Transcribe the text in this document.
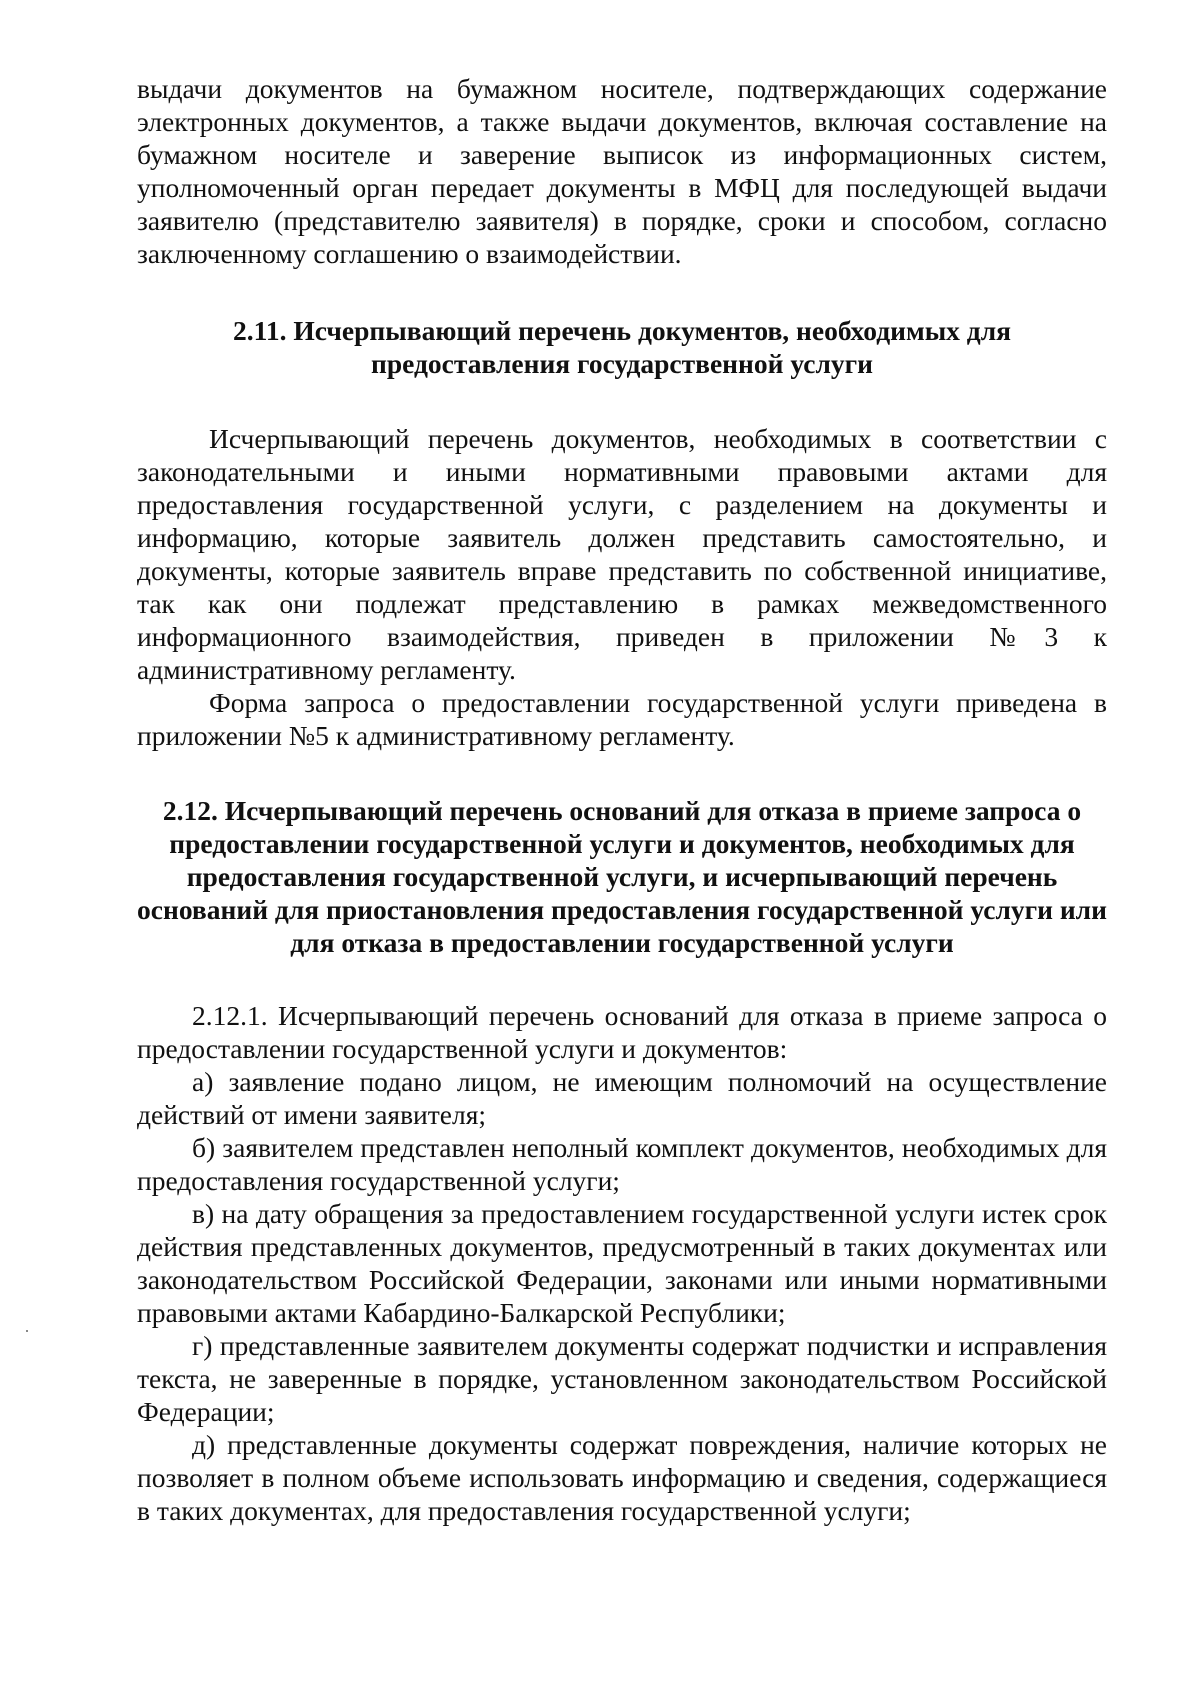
выдачи документов на бумажном носителе, подтверждающих содержание электронных документов, а также выдачи документов, включая составление на бумажном носителе и заверение выписок из информационных систем, уполномоченный орган передает документы в МФЦ для последующей выдачи заявителю (представителю заявителя) в порядке, сроки и способом, согласно заключенному соглашению о взаимодействии.

2.11. Исчерпывающий перечень документов, необходимых для предоставления государственной услуги

Исчерпывающий перечень документов, необходимых в соответствии с законодательными и иными нормативными правовыми актами для предоставления государственной услуги, с разделением на документы и информацию, которые заявитель должен представить самостоятельно, и документы, которые заявитель вправе представить по собственной инициативе, так как они подлежат представлению в рамках межведомственного информационного взаимодействия, приведен в приложении №3 к административному регламенту.

Форма запроса о предоставлении государственной услуги приведена в приложении №5 к административному регламенту.

2.12. Исчерпывающий перечень оснований для отказа в приеме запроса о предоставлении государственной услуги и документов, необходимых для предоставления государственной услуги, и исчерпывающий перечень оснований для приостановления предоставления государственной услуги или для отказа в предоставлении государственной услуги

2.12.1. Исчерпывающий перечень оснований для отказа в приеме запроса о предоставлении государственной услуги и документов:

а) заявление подано лицом, не имеющим полномочий на осуществление действий от имени заявителя;

б) заявителем представлен неполный комплект документов, необходимых для предоставления государственной услуги;

в) на дату обращения за предоставлением государственной услуги истек срок действия представленных документов, предусмотренный в таких документах или законодательством Российской Федерации, законами или иными нормативными правовыми актами Кабардино-Балкарской Республики;

г) представленные заявителем документы содержат подчистки и исправления текста, не заверенные в порядке, установленном законодательством Российской Федерации;

д) представленные документы содержат повреждения, наличие которых не позволяет в полном объеме использовать информацию и сведения, содержащиеся в таких документах, для предоставления государственной услуги;
